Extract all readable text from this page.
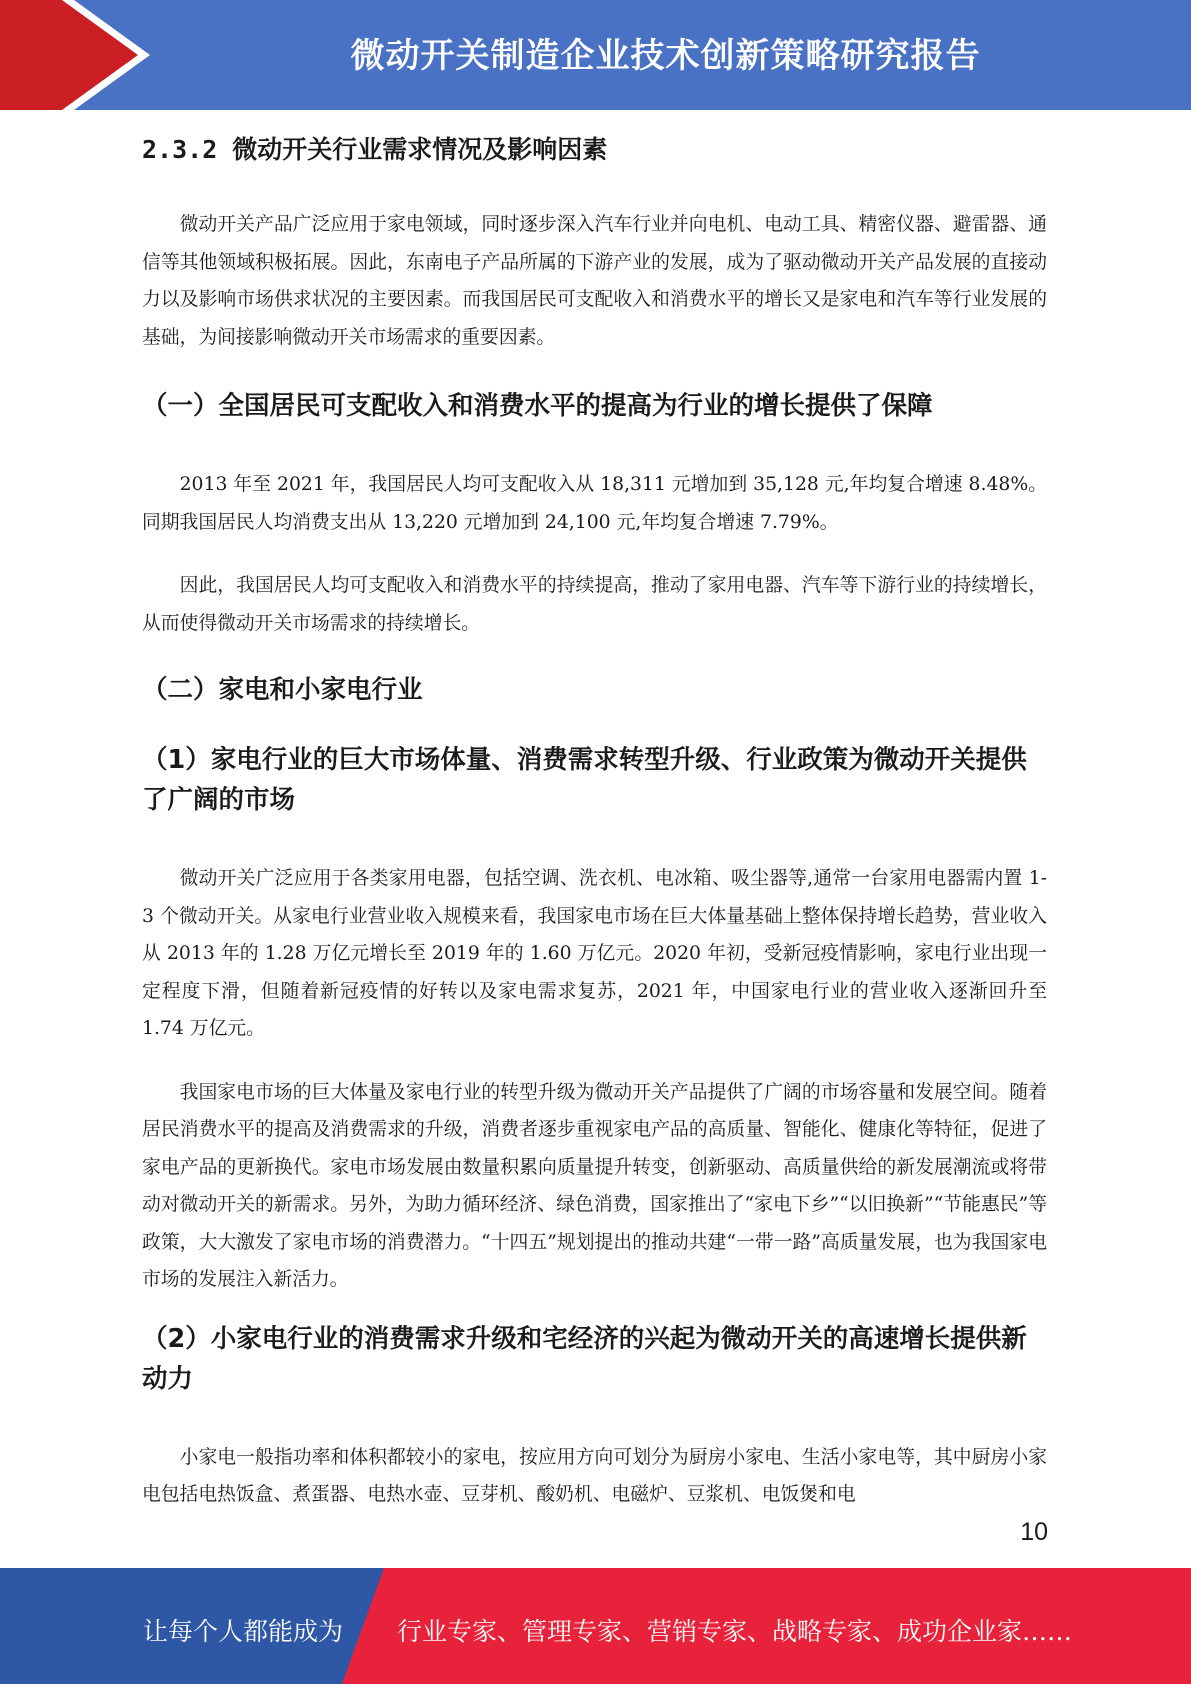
微动开关制造企业技术创新策略研究报告
2.3.2 微动开关行业需求情况及影响因素

微动开关产品广泛应用于家电领域，同时逐步深入汽车行业并向电机、电动工具、精密仪器、避雷器、通信等其他领域积极拓展。因此，东南电子产品所属的下游产业的发展，成为了驱动微动开关产品发展的直接动力以及影响市场供求状况的主要因素。而我国居民可支配收入和消费水平的增长又是家电和汽车等行业发展的基础，为间接影响微动开关市场需求的重要因素。

（一）全国居民可支配收入和消费水平的提高为行业的增长提供了保障

2013 年至 2021 年，我国居民人均可支配收入从 18,311 元增加到 35,128 元,年均复合增速 8.48%。同期我国居民人均消费支出从 13,220 元增加到 24,100 元,年均复合增速 7.79%。

因此，我国居民人均可支配收入和消费水平的持续提高，推动了家用电器、汽车等下游行业的持续增长，从而使得微动开关市场需求的持续增长。

（二）家电和小家电行业
（1）家电行业的巨大市场体量、消费需求转型升级、行业政策为微动开关提供了广阔的市场

微动开关广泛应用于各类家用电器，包括空调、洗衣机、电冰箱、吸尘器等,通常一台家用电器需内置 1-3 个微动开关。从家电行业营业收入规模来看，我国家电市场在巨大体量基础上整体保持增长趋势，营业收入从 2013 年的 1.28 万亿元增长至 2019 年的 1.60 万亿元。2020 年初，受新冠疫情影响，家电行业出现一定程度下滑，但随着新冠疫情的好转以及家电需求复苏，2021 年，中国家电行业的营业收入逐渐回升至 1.74 万亿元。

我国家电市场的巨大体量及家电行业的转型升级为微动开关产品提供了广阔的市场容量和发展空间。随着居民消费水平的提高及消费需求的升级，消费者逐步重视家电产品的高质量、智能化、健康化等特征，促进了家电产品的更新换代。家电市场发展由数量积累向质量提升转变，创新驱动、高质量供给的新发展潮流或将带动对微动开关的新需求。另外，为助力循环经济、绿色消费，国家推出了“家电下乡”“以旧换新”“节能惠民”等政策，大大激发了家电市场的消费潜力。“十四五”规划提出的推动共建“一带一路”高质量发展，也为我国家电市场的发展注入新活力。

（2）小家电行业的消费需求升级和宅经济的兴起为微动开关的高速增长提供新动力

小家电一般指功率和体积都较小的家电，按应用方向可划分为厨房小家电、生活小家电等，其中厨房小家电包括电热饭盒、煮蛋器、电热水壶、豆芽机、酸奶机、电磁炉、豆浆机、电饭煲和电

10
让每个人都能成为 行业专家、管理专家、营销专家、战略专家、成功企业家……
